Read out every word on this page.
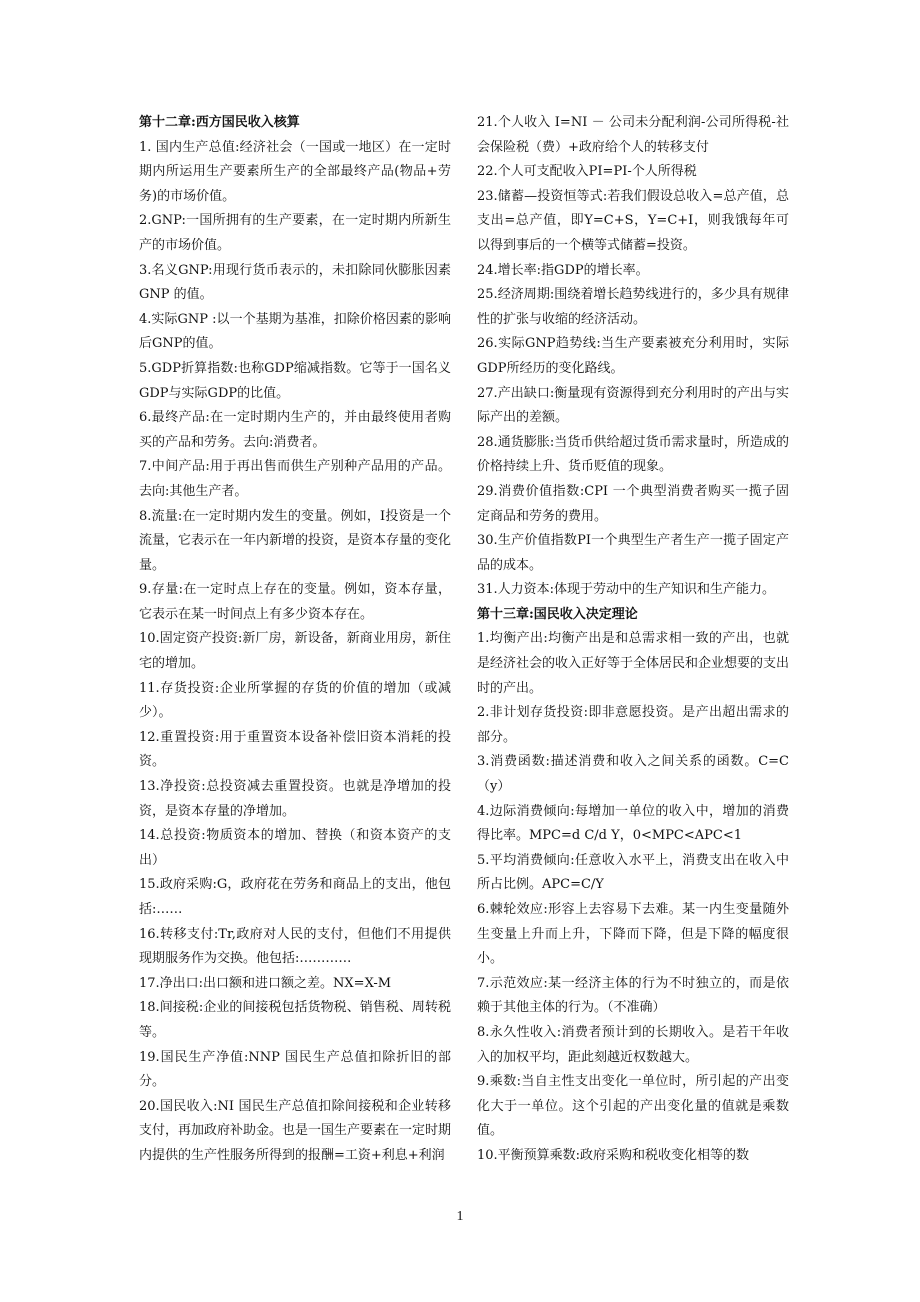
第十二章:西方国民收入核算

1. 国内生产总值:经济社会（一国或一地区）在一定时期内所运用生产要素所生产的全部最终产品(物品+劳务)的市场价值。

2.GNP:一国所拥有的生产要素，在一定时期内所新生产的市场价值。

3.名义GNP:用现行货币表示的，未扣除同伙膨胀因素GNP 的值。

4.实际GNP :以一个基期为基准，扣除价格因素的影响后GNP的值。

5.GDP折算指数:也称GDP缩减指数。它等于一国名义GDP与实际GDP的比值。

6.最终产品:在一定时期内生产的，并由最终使用者购买的产品和劳务。去向:消费者。

7.中间产品:用于再出售而供生产别种产品用的产品。去向:其他生产者。

8.流量:在一定时期内发生的变量。例如，I投资是一个流量，它表示在一年内新增的投资，是资本存量的变化量。

9.存量:在一定时点上存在的变量。例如，资本存量，它表示在某一时间点上有多少资本存在。

10.固定资产投资:新厂房，新设备，新商业用房，新住宅的增加。

11.存货投资:企业所掌握的存货的价值的增加（或减少）。

12.重置投资:用于重置资本设备补偿旧资本消耗的投资。

13.净投资:总投资减去重置投资。也就是净增加的投资，是资本存量的净增加。

14.总投资:物质资本的增加、替换（和资本资产的支出）

15.政府采购:G，政府花在劳务和商品上的支出，他包括:……

16.转移支付:Tr,政府对人民的支付，但他们不用提供现期服务作为交换。他包括:…………

17.净出口:出口额和进口额之差。NX=X-M

18.间接税:企业的间接税包括货物税、销售税、周转税等。

19.国民生产净值:NNP 国民生产总值扣除折旧的部分。

20.国民收入:NI 国民生产总值扣除间接税和企业转移支付，再加政府补助金。也是一国生产要素在一定时期内提供的生产性服务所得到的报酬=工资+利息+利润

21.个人收入 I=NI － 公司未分配利润-公司所得税-社会保险税（费）+政府给个人的转移支付

22.个人可支配收入PI=PI-个人所得税

23.储蓄—投资恒等式:若我们假设总收入=总产值，总支出=总产值，即Y=C+S，Y=C+I，则我饿每年可以得到事后的一个横等式储蓄=投资。

24.增长率:指GDP的增长率。

25.经济周期:围绕着增长趋势线进行的，多少具有规律性的扩张与收缩的经济活动。

26.实际GNP趋势线:当生产要素被充分利用时，实际GDP所经历的变化路线。

27.产出缺口:衡量现有资源得到充分利用时的产出与实际产出的差额。

28.通货膨胀:当货币供给超过货币需求量时，所造成的价格持续上升、货币贬值的现象。

29.消费价值指数:CPI 一个典型消费者购买一揽子固定商品和劳务的费用。

30.生产价值指数PI一个典型生产者生产一揽子固定产品的成本。

31.人力资本:体现于劳动中的生产知识和生产能力。

第十三章:国民收入决定理论

1.均衡产出:均衡产出是和总需求相一致的产出，也就是经济社会的收入正好等于全体居民和企业想要的支出时的产出。

2.非计划存货投资:即非意愿投资。是产出超出需求的部分。

3.消费函数:描述消费和收入之间关系的函数。C=C（y）

4.边际消费倾向:每增加一单位的收入中，增加的消费得比率。MPC=d C/d Y，0<MPC<APC<1

5.平均消费倾向:任意收入水平上，消费支出在收入中所占比例。APC=C/Y

6.棘轮效应:形容上去容易下去难。某一内生变量随外生变量上升而上升，下降而下降，但是下降的幅度很小。

7.示范效应:某一经济主体的行为不时独立的，而是依赖于其他主体的行为。（不准确）

8.永久性收入:消费者预计到的长期收入。是若干年收入的加权平均，距此刻越近权数越大。

9.乘数:当自主性支出变化一单位时，所引起的产出变化大于一单位。这个引起的产出变化量的值就是乘数值。

10.平衡预算乘数:政府采购和税收变化相等的数

1
